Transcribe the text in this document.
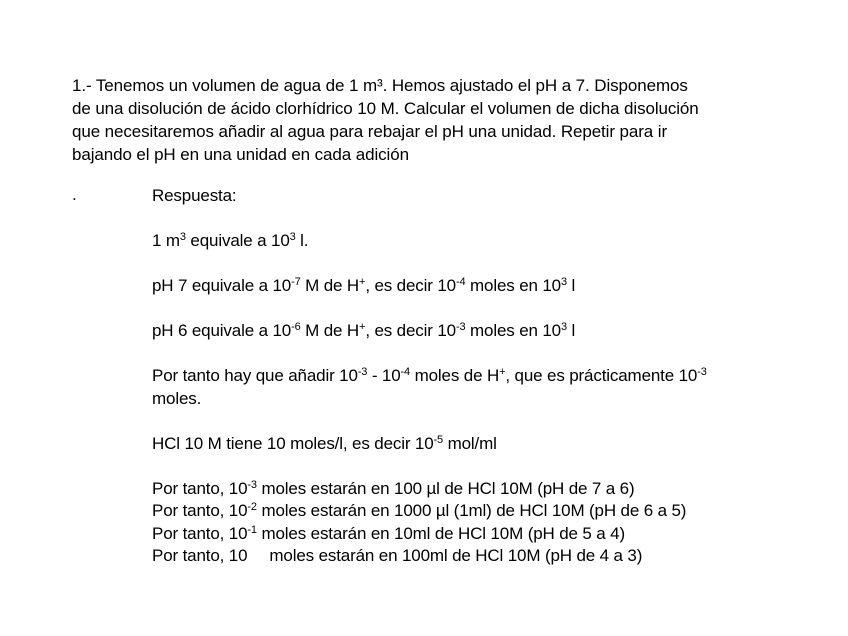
1.- Tenemos un volumen de agua de 1 m³. Hemos ajustado el pH a 7. Disponemos
de una disolución de ácido clorhídrico 10 M. Calcular el volumen de dicha disolución
que necesitaremos añadir al agua para rebajar el pH una unidad. Repetir para ir
bajando el pH en una unidad en cada adición
.	Respuesta:
1 $m^3$ equivale a $10^3$ l.
pH 7 equivale a $10^{-7}$ M de H+, es decir $10^{-4}$ moles en $10^3$ l
pH 6 equivale a $10^{-6}$ M de H+, es decir $10^{-3}$ moles en $10^3$ l
Por tanto hay que añadir $10^{-3} - 10^{-4}$ moles de H+, que es prácticamente $10^{-3}$
moles.
HCl 10 M tiene 10 moles/l, es decir $10^{-5}$ mol/ml
Por tanto, $10^{-3}$ moles estarán en 100 µl de HCl 10M (pH de 7 a 6)
Por tanto, $10^{-2}$ moles estarán en 1000 µl (1ml) de HCl 10M (pH de 6 a 5)
Por tanto, $10^{-1}$ moles estarán en 10ml de HCl 10M (pH de 5 a 4)
Por tanto, 10 moles estarán en 100ml de HCl 10M (pH de 4 a 3)
